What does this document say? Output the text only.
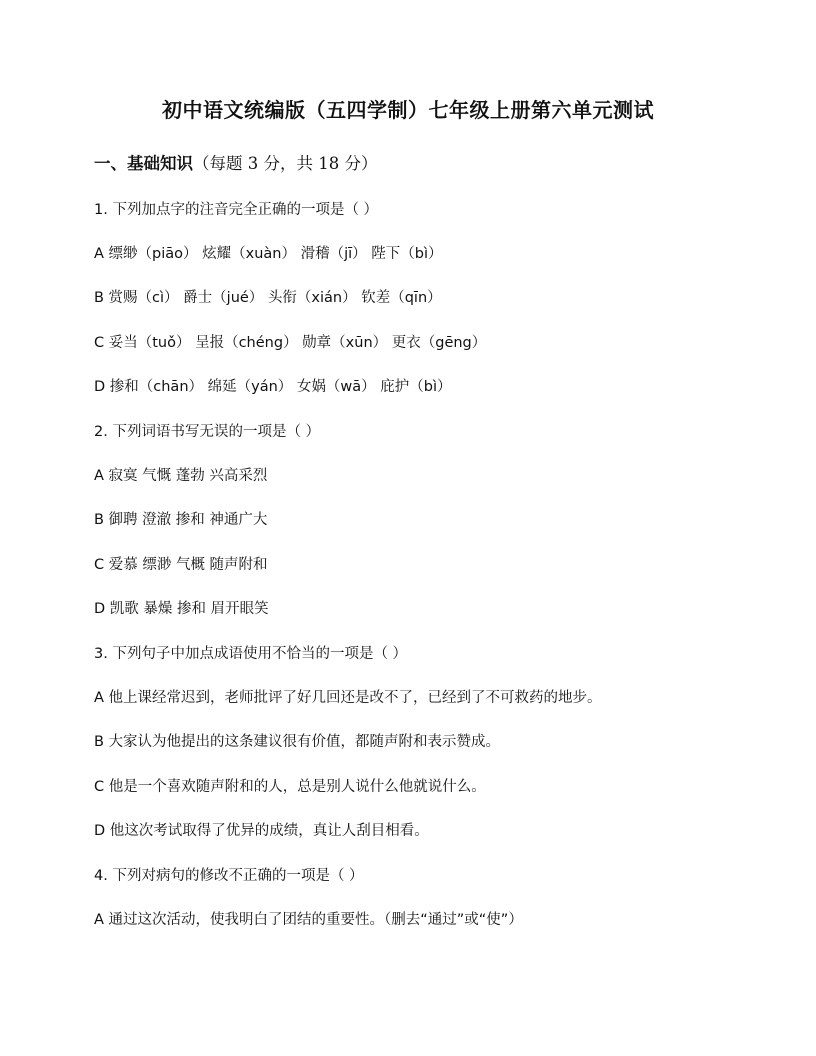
初中语文统编版（五四学制）七年级上册第六单元测试
一、基础知识（每题 3 分，共 18 分）
1. 下列加点字的注音完全正确的一项是（ ）
A 缥缈（piāo） 炫耀（xuàn） 滑稽（jī） 陛下（bì）
B 赏赐（cì） 爵士（jué） 头衔（xián） 钦差（qīn）
C 妥当（tuǒ） 呈报（chéng） 勋章（xūn） 更衣（gēng）
D 掺和（chān） 绵延（yán） 女娲（wā） 庇护（bì）
2. 下列词语书写无误的一项是（ ）
A 寂寞 气慨 蓬勃 兴高采烈
B 御聘 澄澈 掺和 神通广大
C 爱慕 缥渺 气概 随声附和
D 凯歌 暴燥 掺和 眉开眼笑
3. 下列句子中加点成语使用不恰当的一项是（ ）
A 他上课经常迟到，老师批评了好几回还是改不了，已经到了不可救药的地步。
B 大家认为他提出的这条建议很有价值，都随声附和表示赞成。
C 他是一个喜欢随声附和的人，总是别人说什么他就说什么。
D 他这次考试取得了优异的成绩，真让人刮目相看。
4. 下列对病句的修改不正确的一项是（ ）
A 通过这次活动，使我明白了团结的重要性。（删去“通过”或“使”）
